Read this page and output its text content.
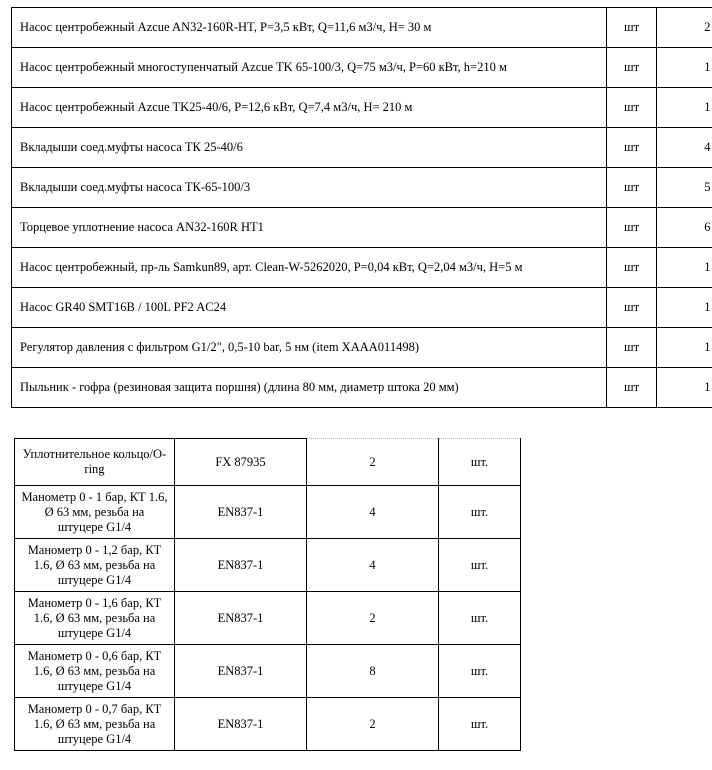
Насос центробежный Azcue AN32-160R-HT, P=3,5 кВт, Q=11,6 м3/ч, H= 30 м	шт	2
Насос центробежный многоступенчатый Azcue TK 65-100/3, Q=75 м3/ч, P=60 кВт, h=210 м	шт	1
Насос центробежный Azcue TK25-40/6, P=12,6 кВт, Q=7,4 м3/ч, H= 210 м	шт	1
Вкладыши соед.муфты насоса ТК 25-40/6	шт	4
Вкладыши соед.муфты насоса ТК-65-100/3	шт	5
Торцевое уплотнение насоса AN32-160R HT1	шт	6
Насос центробежный, пр-ль Samkun89, арт. Clean-W-5262020, P=0,04 кВт, Q=2,04 м3/ч, H=5 м	шт	1
Насос GR40 SMT16B / 100L PF2 AC24	шт	1
Регулятор давления с фильтром G1/2", 0,5-10 bar, 5 нм (item XAAA011498)	шт	1
Пыльник - гофра (резиновая защита поршня) (длина 80 мм, диаметр штока 20 мм)	шт	1
Уплотнительное кольцо/O-ring	FX 87935	2	шт.
Манометр 0 - 1 бар, КТ 1.6, Ø 63 мм, резьба на штуцере G1/4	EN837-1	4	шт.
Манометр 0 - 1,2 бар, КТ 1.6, Ø 63 мм, резьба на штуцере G1/4	EN837-1	4	шт.
Манометр 0 - 1,6 бар, КТ 1.6, Ø 63 мм, резьба на штуцере G1/4	EN837-1	2	шт.
Манометр 0 - 0,6 бар, КТ 1.6, Ø 63 мм, резьба на штуцере G1/4	EN837-1	8	шт.
Манометр 0 - 0,7 бар, КТ 1.6, Ø 63 мм, резьба на штуцере G1/4	EN837-1	2	шт.
